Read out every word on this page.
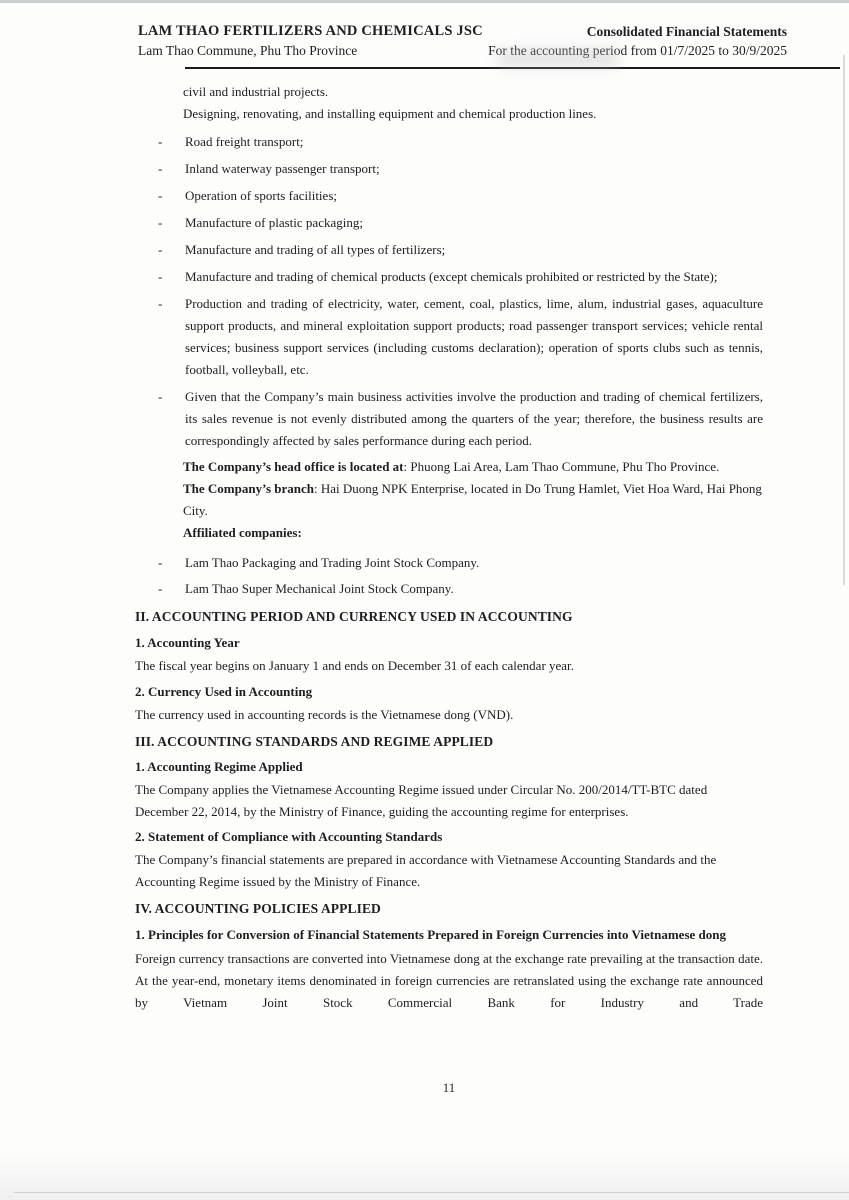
LAM THAO FERTILIZERS AND CHEMICALS JSC
Lam Thao Commune, Phu Tho Province
Consolidated Financial Statements
For the accounting period from 01/7/2025 to 30/9/2025

civil and industrial projects.

Designing, renovating, and installing equipment and chemical production lines.

-	Road freight transport;
-	Inland waterway passenger transport;
-	Operation of sports facilities;
-	Manufacture of plastic packaging;
-	Manufacture and trading of all types of fertilizers;
-	Manufacture and trading of chemical products (except chemicals prohibited or restricted by the State);
-	Production and trading of electricity, water, cement, coal, plastics, lime, alum, industrial gases, aquaculture support products, and mineral exploitation support products; road passenger transport services; vehicle rental services; business support services (including customs declaration); operation of sports clubs such as tennis, football, volleyball, etc.
-	Given that the Company’s main business activities involve the production and trading of chemical fertilizers, its sales revenue is not evenly distributed among the quarters of the year; therefore, the business results are correspondingly affected by sales performance during each period.

The Company’s head office is located at: Phuong Lai Area, Lam Thao Commune, Phu Tho Province.

The Company’s branch: Hai Duong NPK Enterprise, located in Do Trung Hamlet, Viet Hoa Ward, Hai Phong City.

Affiliated companies:

-	Lam Thao Packaging and Trading Joint Stock Company.
-	Lam Thao Super Mechanical Joint Stock Company.

II. ACCOUNTING PERIOD AND CURRENCY USED IN ACCOUNTING

1. Accounting Year

The fiscal year begins on January 1 and ends on December 31 of each calendar year.

2. Currency Used in Accounting

The currency used in accounting records is the Vietnamese dong (VND).

III. ACCOUNTING STANDARDS AND REGIME APPLIED

1. Accounting Regime Applied

The Company applies the Vietnamese Accounting Regime issued under Circular No. 200/2014/TT-BTC dated December 22, 2014, by the Ministry of Finance, guiding the accounting regime for enterprises.

2. Statement of Compliance with Accounting Standards

The Company’s financial statements are prepared in accordance with Vietnamese Accounting Standards and the Accounting Regime issued by the Ministry of Finance.

IV. ACCOUNTING POLICIES APPLIED

1. Principles for Conversion of Financial Statements Prepared in Foreign Currencies into Vietnamese dong

Foreign currency transactions are converted into Vietnamese dong at the exchange rate prevailing at the transaction date. At the year-end, monetary items denominated in foreign currencies are retranslated using the exchange rate announced by Vietnam Joint Stock Commercial Bank for Industry and Trade

11
